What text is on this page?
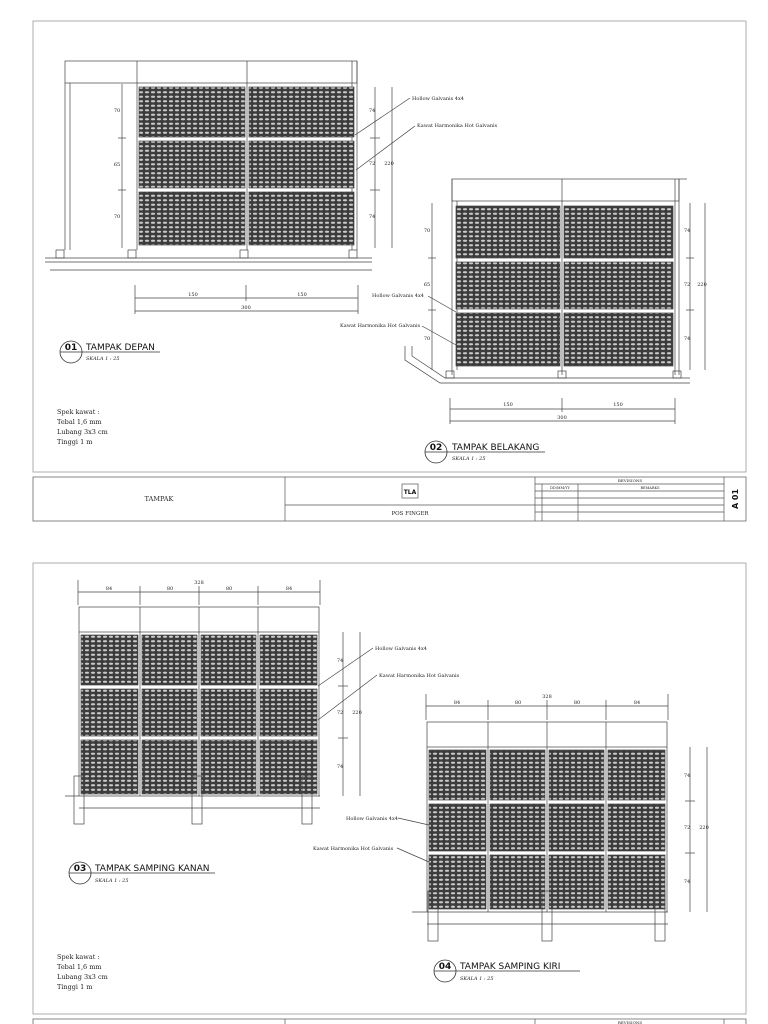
150	150
300
70
65
70
74
72
74
220
Hollow Galvanis 4x4
Kawat Harmonika Hot Galvanis
01 TAMPAK DEPAN
SKALA 1 : 25
150	150
300
70
65
70
74
72
74
220
Hollow Galvanis 4x4
Kawat Harmonika Hot Galvanis
02 TAMPAK BELAKANG
SKALA 1 : 25
Spek kawat :
Tebal 1,6 mm
Lubang 3x3 cm
Tinggi 1 m
TAMPAK
TLA
POS FINGER
REVISIONS
DD/MM/YY	REMARKS
A 01
328
84	80	80	84
74
72
74
220
Hollow Galvanis 4x4
Kawat Harmonika Hot Galvanis
03 TAMPAK SAMPING KANAN
SKALA 1 : 25
328
84	80	80	84
74
72
74
220
Hollow Galvanis 4x4
Kawat Harmonika Hot Galvanis
04 TAMPAK SAMPING KIRI
SKALA 1 : 25
Spek kawat :
Tebal 1,6 mm
Lubang 3x3 cm
Tinggi 1 m
REVISIONS
